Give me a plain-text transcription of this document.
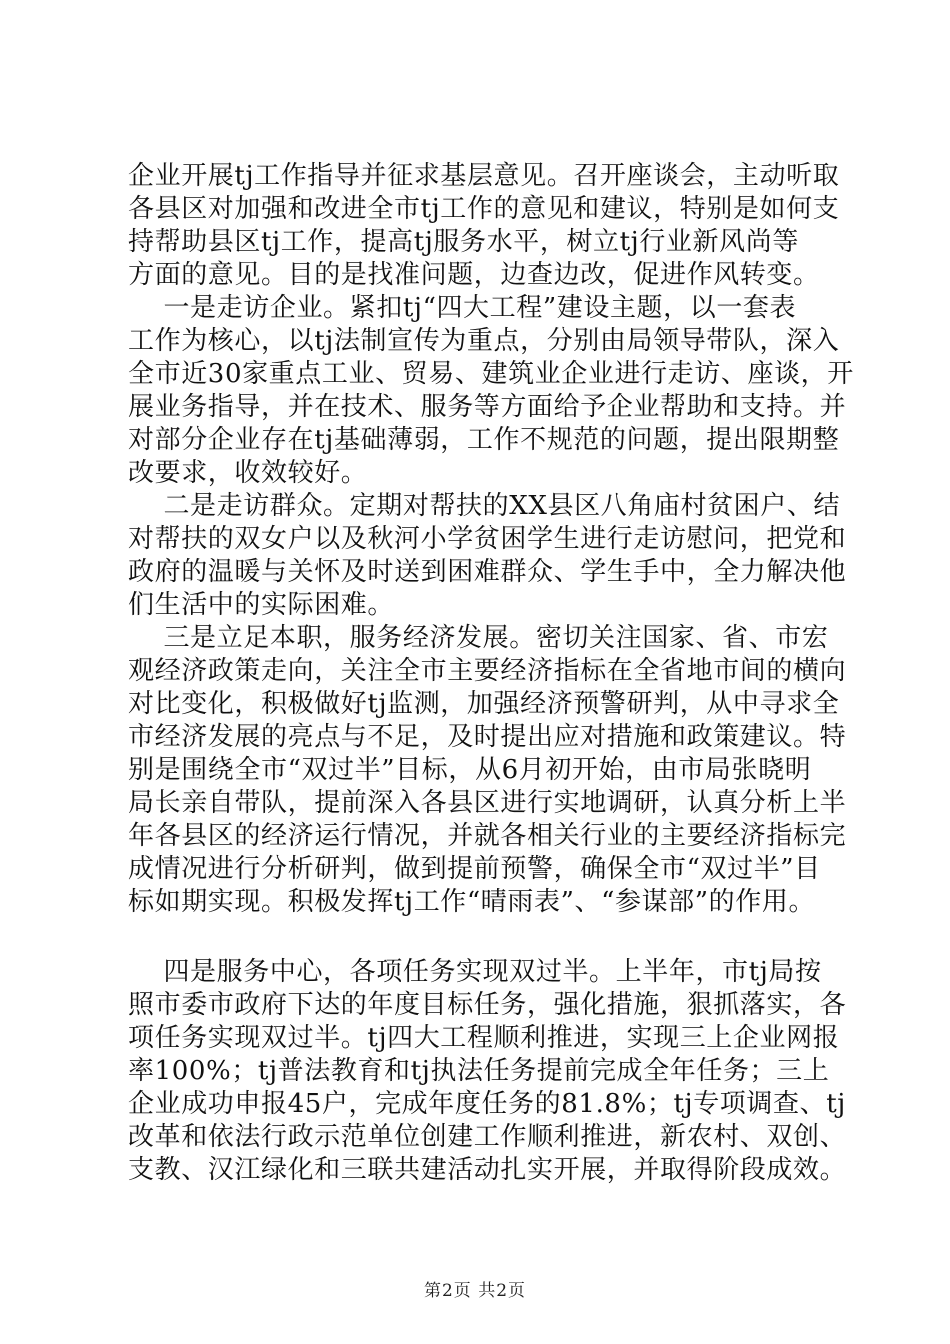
企业开展tj工作指导并征求基层意见。召开座谈会，主动听取
各县区对加强和改进全市tj工作的意见和建议，特别是如何支
持帮助县区tj工作，提高tj服务水平，树立tj行业新风尚等
方面的意见。目的是找准问题，边查边改，促进作风转变。
一是走访企业。紧扣tj“四大工程”建设主题，以一套表
工作为核心，以tj法制宣传为重点，分别由局领导带队，深入
全市近30家重点工业、贸易、建筑业企业进行走访、座谈，开
展业务指导，并在技术、服务等方面给予企业帮助和支持。并
对部分企业存在tj基础薄弱，工作不规范的问题，提出限期整
改要求，收效较好。
二是走访群众。定期对帮扶的XX县区八角庙村贫困户、结
对帮扶的双女户以及秋河小学贫困学生进行走访慰问，把党和
政府的温暖与关怀及时送到困难群众、学生手中，全力解决他
们生活中的实际困难。
三是立足本职，服务经济发展。密切关注国家、省、市宏
观经济政策走向，关注全市主要经济指标在全省地市间的横向
对比变化，积极做好tj监测，加强经济预警研判，从中寻求全
市经济发展的亮点与不足，及时提出应对措施和政策建议。特
别是围绕全市“双过半”目标，从6月初开始，由市局张晓明
局长亲自带队，提前深入各县区进行实地调研，认真分析上半
年各县区的经济运行情况，并就各相关行业的主要经济指标完
成情况进行分析研判，做到提前预警，确保全市“双过半”目
标如期实现。积极发挥tj工作“晴雨表”、“参谋部”的作用。
四是服务中心，各项任务实现双过半。上半年，市tj局按
照市委市政府下达的年度目标任务，强化措施，狠抓落实，各
项任务实现双过半。tj四大工程顺利推进，实现三上企业网报
率100%；tj普法教育和tj执法任务提前完成全年任务；三上
企业成功申报45户，完成年度任务的81.8%；tj专项调查、tj
改革和依法行政示范单位创建工作顺利推进，新农村、双创、
支教、汉江绿化和三联共建活动扎实开展，并取得阶段成效。
第2页 共2页
